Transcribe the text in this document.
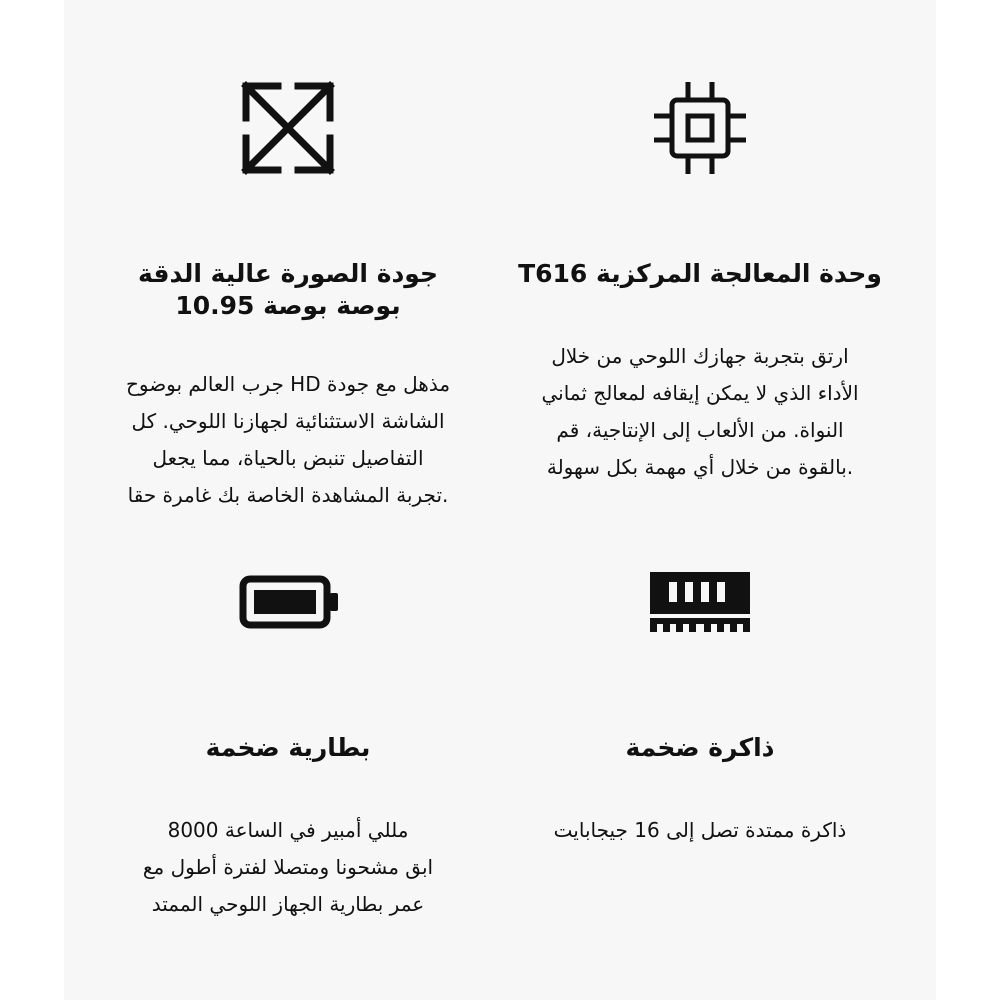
T616 وحدة المعالجة المركزية
ارتق بتجربة جهازك اللوحي من خلال
الأداء الذي لا يمكن إيقافه لمعالج ثماني
النواة. من الألعاب إلى الإنتاجية، قم
.بالقوة من خلال أي مهمة بكل سهولة
جودة الصورة عالية الدقة
بوصة بوصة 10.95
مذهل مع جودة HD جرب العالم بوضوح
الشاشة الاستثنائية لجهازنا اللوحي. كل
التفاصيل تنبض بالحياة، مما يجعل
.تجربة المشاهدة الخاصة بك غامرة حقا
ذاكرة ضخمة
ذاكرة ممتدة تصل إلى 16 جيجابايت
بطارية ضخمة
مللي أمبير في الساعة 8000
ابق مشحونا ومتصلا لفترة أطول مع
عمر بطارية الجهاز اللوحي الممتد
